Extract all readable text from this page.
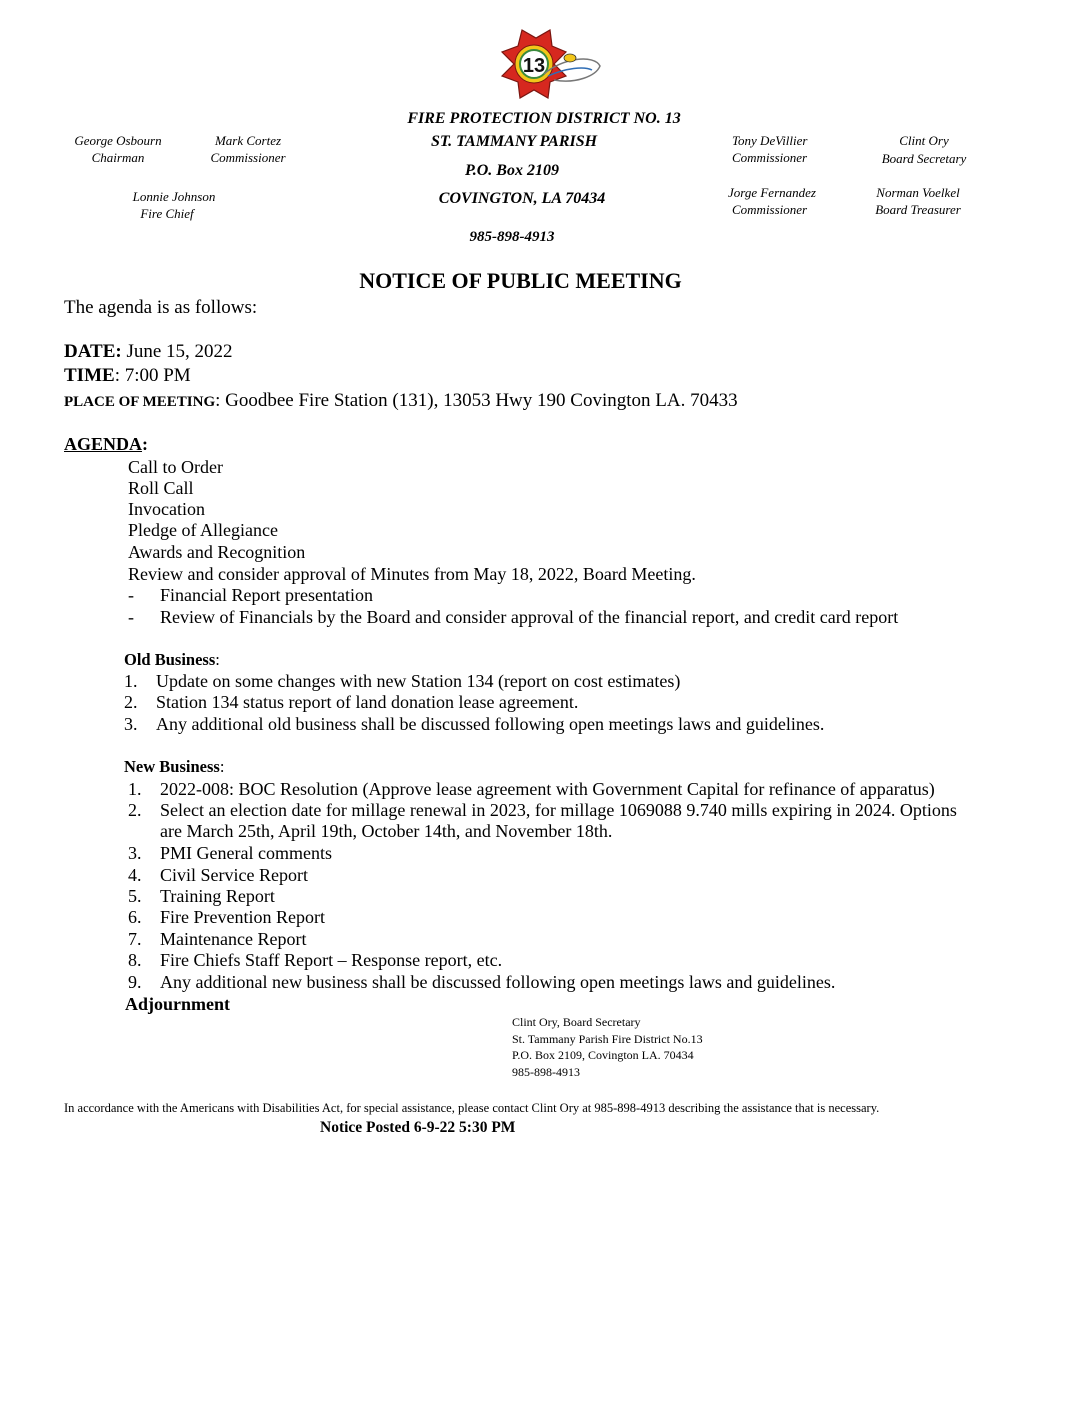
13
FIRE PROTECTION DISTRICT NO. 13
ST. TAMMANY PARISH
P.O. Box 2109
COVINGTON, LA 70434
985-898-4913
George Osbourn
Chairman
Mark Cortez
Commissioner
Lonnie Johnson
Fire Chief
Tony DeVillier
Commissioner
Clint Ory
Board Secretary
Jorge Fernandez
Commissioner
Norman Voelkel
Board Treasurer
NOTICE OF PUBLIC MEETING
The agenda is as follows:
DATE: June 15, 2022
TIME: 7:00 PM
PLACE OF MEETING: Goodbee Fire Station (131), 13053 Hwy 190 Covington LA. 70433
AGENDA:
Call to Order
Roll Call
Invocation
Pledge of Allegiance
Awards and Recognition
Review and consider approval of Minutes from May 18, 2022, Board Meeting.
- Financial Report presentation
- Review of Financials by the Board and consider approval of the financial report, and credit card report
Old Business:
1. Update on some changes with new Station 134 (report on cost estimates)
2. Station 134 status report of land donation lease agreement.
3. Any additional old business shall be discussed following open meetings laws and guidelines.
New Business:
1. 2022-008: BOC Resolution (Approve lease agreement with Government Capital for refinance of apparatus)
2. Select an election date for millage renewal in 2023, for millage 1069088 9.740 mills expiring in 2024. Options
are March 25th, April 19th, October 14th, and November 18th.
3. PMI General comments
4. Civil Service Report
5. Training Report
6. Fire Prevention Report
7. Maintenance Report
8. Fire Chiefs Staff Report – Response report, etc.
9. Any additional new business shall be discussed following open meetings laws and guidelines.
Adjournment
Clint Ory, Board Secretary
St. Tammany Parish Fire District No.13
P.O. Box 2109, Covington LA. 70434
985-898-4913
In accordance with the Americans with Disabilities Act, for special assistance, please contact Clint Ory at 985-898-4913 describing the assistance that is necessary.
Notice Posted 6-9-22 5:30 PM
